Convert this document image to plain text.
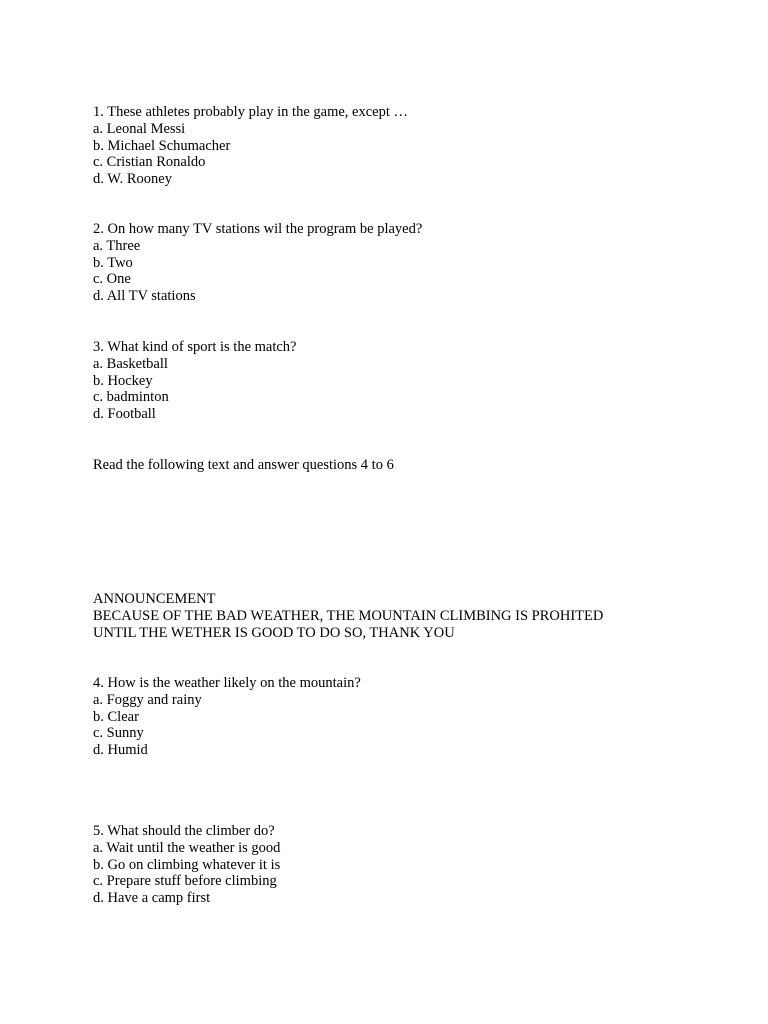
1. These athletes probably play in the game, except …
a. Leonal Messi
b. Michael Schumacher
c. Cristian Ronaldo
d. W. Rooney
2. On how many TV stations wil the program be played?
a. Three
b. Two
c. One
d. All TV stations
3. What kind of sport is the match?
a. Basketball
b. Hockey
c. badminton
d. Football
Read the following text and answer questions 4 to 6
ANNOUNCEMENT
BECAUSE OF THE BAD WEATHER, THE MOUNTAIN CLIMBING IS PROHITED
UNTIL THE WETHER IS GOOD TO DO SO, THANK YOU
4. How is the weather likely on the mountain?
a. Foggy and rainy
b. Clear
c. Sunny
d. Humid
5. What should the climber do?
a. Wait until the weather is good
b. Go on climbing whatever it is
c. Prepare stuff before climbing
d. Have a camp first
